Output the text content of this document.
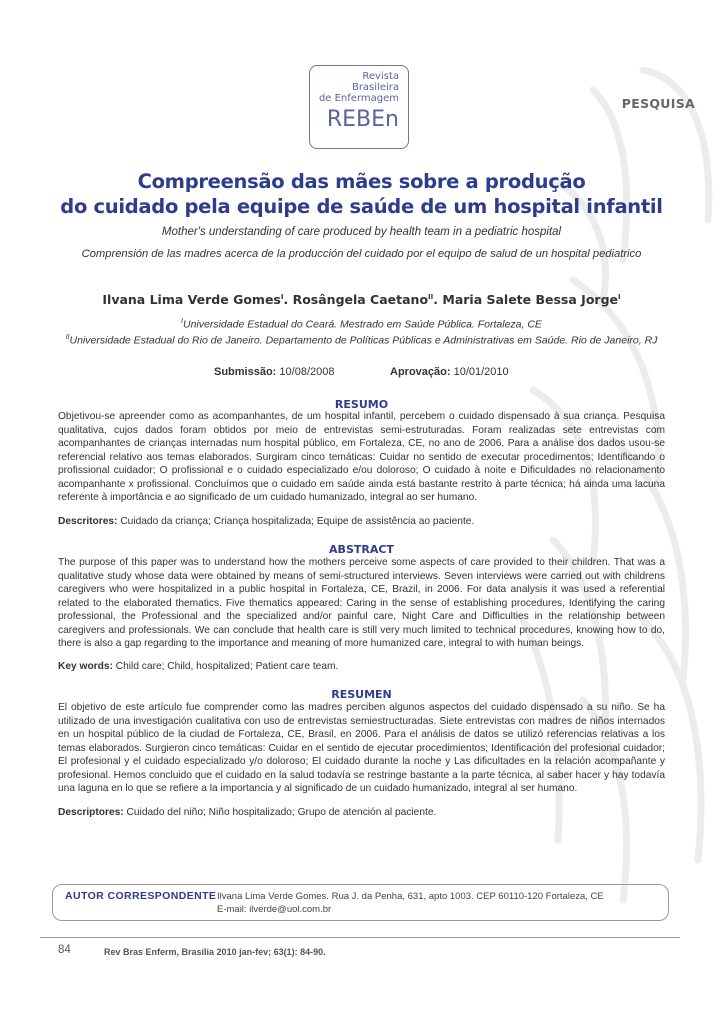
Revista
Brasileira
de Enfermagem
REBEn
PESQUISA
Compreensão das mães sobre a produção
do cuidado pela equipe de saúde de um hospital infantil
Mother's understanding of care produced by health team in a pediatric hospital
Comprensión de las madres acerca de la producción del cuidado por el equipo de salud de un hospital pediatrico
Ilvana Lima Verde Gomes$^I$. Rosângela Caetano$^{II}$. Maria Salete Bessa Jorge$^I$
$^I$Universidade Estadual do Ceará. Mestrado em Saúde Pública. Fortaleza, CE
$^{II}$Universidade Estadual do Rio de Janeiro. Departamento de Políticas Públicas e Administrativas em Saúde. Rio de Janeiro, RJ
Submissão: 10/08/2008	Aprovação: 10/01/2010
RESUMO

Objetivou-se apreender como as acompanhantes, de um hospital infantil, percebem o cuidado dispensado à sua criança. Pesquisa qualitativa, cujos dados foram obtidos por meio de entrevistas semi-estruturadas. Foram realizadas sete entrevistas com acompanhantes de crianças internadas num hospital público, em Fortaleza, CE, no ano de 2006. Para a análise dos dados usou-se referencial relativo aos temas elaborados. Surgiram cinco temáticas: Cuidar no sentido de executar procedimentos; Identificando o profissional cuidador; O profissional e o cuidado especializado e/ou doloroso; O cuidado à noite e Dificuldades no relacionamento acompanhante x profissional. Concluímos que o cuidado em saúde ainda está bastante restrito à parte técnica; há ainda uma lacuna referente à importância e ao significado de um cuidado humanizado, integral ao ser humano.

Descritores: Cuidado da criança; Criança hospitalizada; Equipe de assistência ao paciente.
ABSTRACT

The purpose of this paper was to understand how the mothers perceive some aspects of care provided to their children. That was a qualitative study whose data were obtained by means of semi-structured interviews. Seven interviews were carried out with childrens caregivers who were hospitalized in a public hospital in Fortaleza, CE, Brazil, in 2006. For data analysis it was used a referential related to the elaborated thematics. Five thematics appeared: Caring in the sense of establishing procedures, Identifying the caring professional, the Professional and the specialized and/or painful care, Night Care and Difficulties in the relationship between caregivers and professionals. We can conclude that health care is still very much limited to technical procedures, knowing how to do, there is also a gap regarding to the importance and meaning of more humanized care, integral to with human beings.

Key words: Child care; Child, hospitalized; Patient care team.
RESUMEN

El objetivo de este artículo fue comprender como las madres perciben algunos aspectos del cuidado dispensado a su niño. Se ha utilizado de una investigación cualitativa con uso de entrevistas semiestructuradas. Siete entrevistas con madres de niños internados en un hospital público de la ciudad de Fortaleza, CE, Brasil, en 2006. Para el análisis de datos se utilizó referencias relativas a los temas elaborados. Surgieron cinco temáticas: Cuidar en el sentido de ejecutar procedimientos; Identificación del profesional cuidador; El profesional y el cuidado especializado y/o doloroso; El cuidado durante la noche y Las dificultades en la relación acompañante y profesional. Hemos concluido que el cuidado en la salud todavía se restringe bastante a la parte técnica, al saber hacer y hay todavía una laguna en lo que se refiere a la importancia y al significado de un cuidado humanizado, integral al ser humano.

Descriptores: Cuidado del niño; Niño hospitalizado; Grupo de atención al paciente.
AUTOR CORRESPONDENTE Ilvana Lima Verde Gomes. Rua J. da Penha, 631, apto 1003. CEP 60110-120 Fortaleza, CE
E-mail: ilverde@uol.com.br
84	Rev Bras Enferm, Brasília 2010 jan-fev; 63(1): 84-90.
